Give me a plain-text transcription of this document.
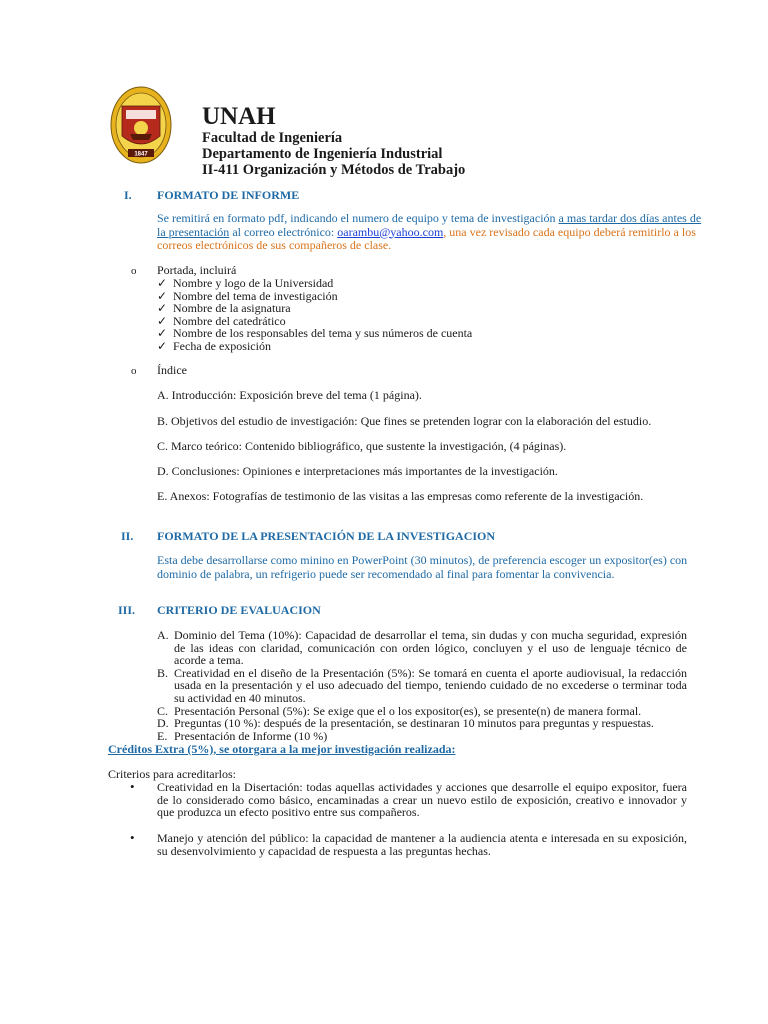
1847

UNAH

Facultad de Ingeniería

Departamento de Ingeniería Industrial

II-411 Organización y Métodos de Trabajo

I. FORMATO DE INFORME
Se remitirá en formato pdf, indicando el numero de equipo y tema de investigación a mas tardar dos días antes de
la presentación al correo electrónico: oarambu@yahoo.com, una vez revisado cada equipo deberá remitirlo a los
correos electrónicos de sus compañeros de clase.
o Portada, incluirá
✓ Nombre y logo de la Universidad
✓ Nombre del tema de investigación
✓ Nombre de la asignatura
✓ Nombre del catedrático
✓ Nombre de los responsables del tema y sus números de cuenta
✓ Fecha de exposición
o Índice
A. Introducción: Exposición breve del tema (1 página).
B. Objetivos del estudio de investigación: Que fines se pretenden lograr con la elaboración del estudio.
C. Marco teórico: Contenido bibliográfico, que sustente la investigación, (4 páginas).
D. Conclusiones: Opiniones e interpretaciones más importantes de la investigación.
E. Anexos: Fotografías de testimonio de las visitas a las empresas como referente de la investigación.
II. FORMATO DE LA PRESENTACIÓN DE LA INVESTIGACION
Esta debe desarrollarse como minino en PowerPoint (30 minutos), de preferencia escoger un expositor(es) con
dominio de palabra, un refrigerio puede ser recomendado al final para fomentar la convivencia.
III. CRITERIO DE EVALUACION
A. Dominio del Tema (10%): Capacidad de desarrollar el tema, sin dudas y con mucha seguridad, expresión de las ideas con claridad, comunicación con orden lógico, concluyen y el uso de lenguaje técnico de acorde a tema.
B. Creatividad en el diseño de la Presentación (5%): Se tomará en cuenta el aporte audiovisual, la redacción usada en la presentación y el uso adecuado del tiempo, teniendo cuidado de no excederse o terminar toda su actividad en 40 minutos.
C. Presentación Personal (5%): Se exige que el o los expositor(es), se presente(n) de manera formal.
D. Preguntas (10 %): después de la presentación, se destinaran 10 minutos para preguntas y respuestas.
E. Presentación de Informe (10 %)
Créditos Extra (5%), se otorgara a la mejor investigación realizada:
Criterios para acreditarlos:
•	Creatividad en la Disertación: todas aquellas actividades y acciones que desarrolle el equipo expositor, fuera de lo considerado como básico, encaminadas a crear un nuevo estilo de exposición, creativo e innovador y que produzca un efecto positivo entre sus compañeros.
•	Manejo y atención del público: la capacidad de mantener a la audiencia atenta e interesada en su exposición, su desenvolvimiento y capacidad de respuesta a las preguntas hechas.
